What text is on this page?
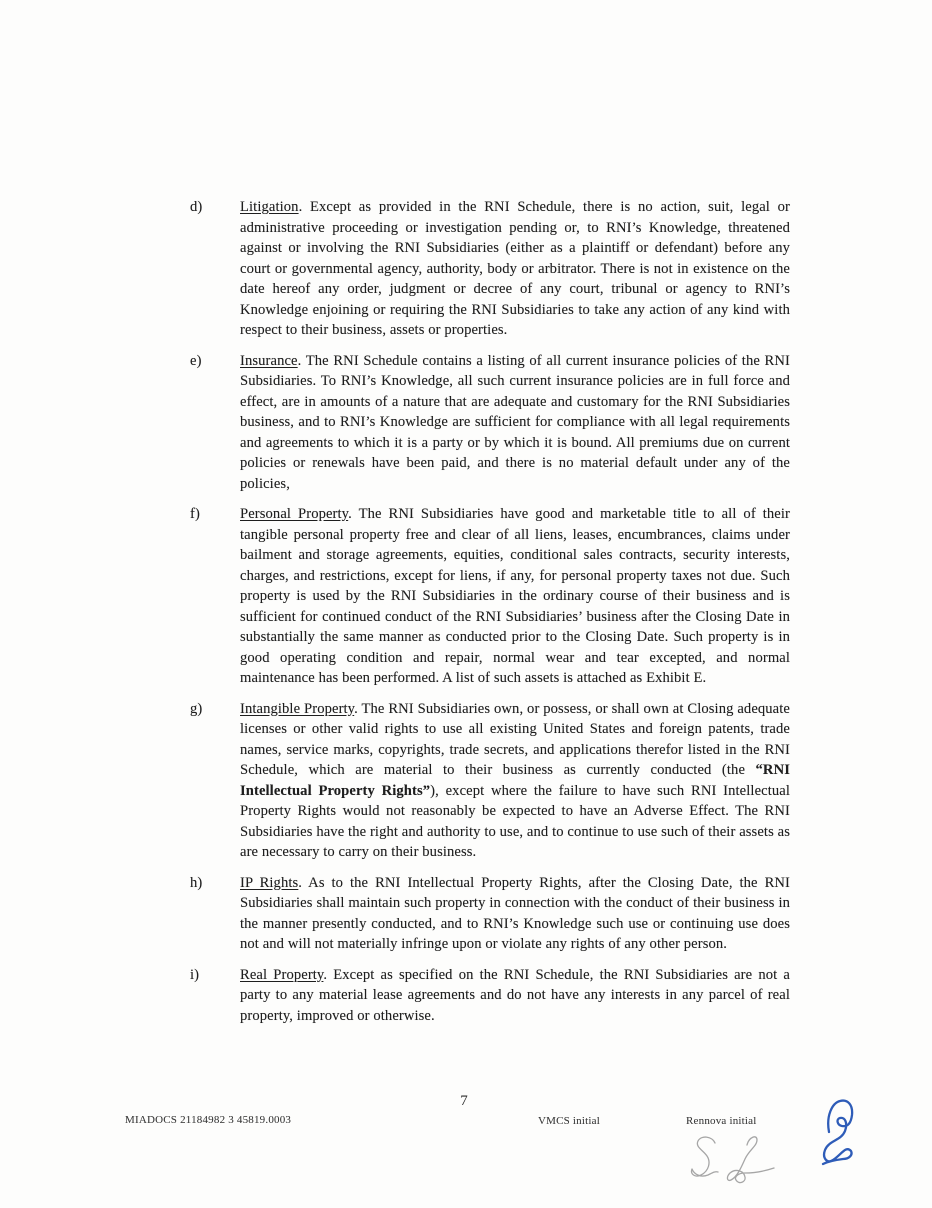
d)	Litigation. Except as provided in the RNI Schedule, there is no action, suit, legal or administrative proceeding or investigation pending or, to RNI’s Knowledge, threatened against or involving the RNI Subsidiaries (either as a plaintiff or defendant) before any court or governmental agency, authority, body or arbitrator. There is not in existence on the date hereof any order, judgment or decree of any court, tribunal or agency to RNI’s Knowledge enjoining or requiring the RNI Subsidiaries to take any action of any kind with respect to their business, assets or properties.

e)	Insurance. The RNI Schedule contains a listing of all current insurance policies of the RNI Subsidiaries. To RNI’s Knowledge, all such current insurance policies are in full force and effect, are in amounts of a nature that are adequate and customary for the RNI Subsidiaries business, and to RNI’s Knowledge are sufficient for compliance with all legal requirements and agreements to which it is a party or by which it is bound. All premiums due on current policies or renewals have been paid, and there is no material default under any of the policies,

f)	Personal Property. The RNI Subsidiaries have good and marketable title to all of their tangible personal property free and clear of all liens, leases, encumbrances, claims under bailment and storage agreements, equities, conditional sales contracts, security interests, charges, and restrictions, except for liens, if any, for personal property taxes not due. Such property is used by the RNI Subsidiaries in the ordinary course of their business and is sufficient for continued conduct of the RNI Subsidiaries’ business after the Closing Date in substantially the same manner as conducted prior to the Closing Date. Such property is in good operating condition and repair, normal wear and tear excepted, and normal maintenance has been performed. A list of such assets is attached as Exhibit E.

g)	Intangible Property. The RNI Subsidiaries own, or possess, or shall own at Closing adequate licenses or other valid rights to use all existing United States and foreign patents, trade names, service marks, copyrights, trade secrets, and applications therefor listed in the RNI Schedule, which are material to their business as currently conducted (the “RNI Intellectual Property Rights”), except where the failure to have such RNI Intellectual Property Rights would not reasonably be expected to have an Adverse Effect. The RNI Subsidiaries have the right and authority to use, and to continue to use such of their assets as are necessary to carry on their business.

h)	IP Rights. As to the RNI Intellectual Property Rights, after the Closing Date, the RNI Subsidiaries shall maintain such property in connection with the conduct of their business in the manner presently conducted, and to RNI’s Knowledge such use or continuing use does not and will not materially infringe upon or violate any rights of any other person.

i)	Real Property. Except as specified on the RNI Schedule, the RNI Subsidiaries are not a party to any material lease agreements and do not have any interests in any parcel of real property, improved or otherwise.

7
MIADOCS 21184982 3 45819.0003	VMCS initial	Rennova initial
